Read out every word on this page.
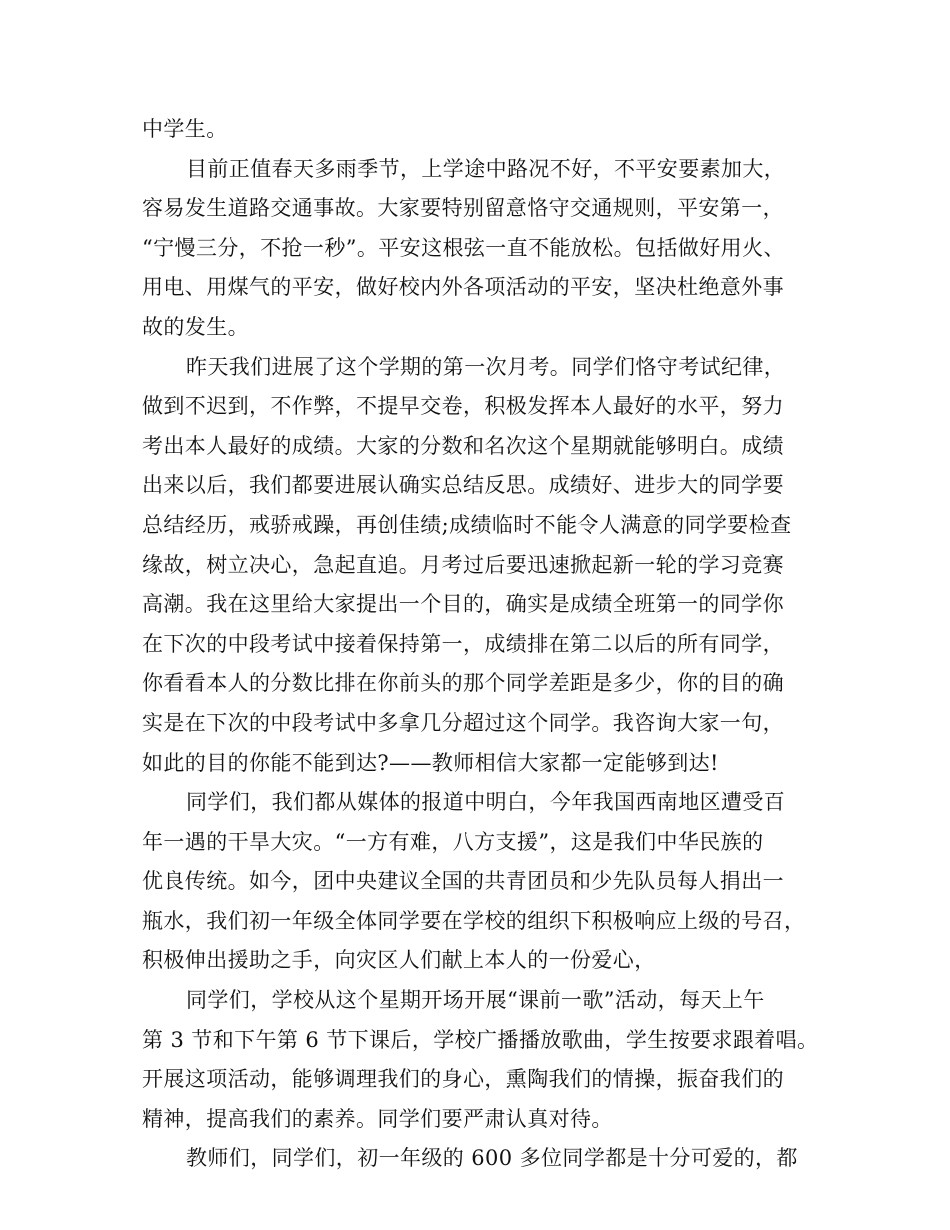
中学生。
目前正值春天多雨季节，上学途中路况不好，不平安要素加大，
容易发生道路交通事故。大家要特别留意恪守交通规则，平安第一，
“宁慢三分，不抢一秒”。平安这根弦一直不能放松。包括做好用火、
用电、用煤气的平安，做好校内外各项活动的平安，坚决杜绝意外事
故的发生。
昨天我们进展了这个学期的第一次月考。同学们恪守考试纪律，
做到不迟到，不作弊，不提早交卷，积极发挥本人最好的水平，努力
考出本人最好的成绩。大家的分数和名次这个星期就能够明白。成绩
出来以后，我们都要进展认确实总结反思。成绩好、进步大的同学要
总结经历，戒骄戒躁，再创佳绩;成绩临时不能令人满意的同学要检查
缘故，树立决心，急起直追。月考过后要迅速掀起新一轮的学习竞赛
高潮。我在这里给大家提出一个目的，确实是成绩全班第一的同学你
在下次的中段考试中接着保持第一，成绩排在第二以后的所有同学，
你看看本人的分数比排在你前头的那个同学差距是多少，你的目的确
实是在下次的中段考试中多拿几分超过这个同学。我咨询大家一句，
如此的目的你能不能到达?——教师相信大家都一定能够到达!
同学们，我们都从媒体的报道中明白，今年我国西南地区遭受百
年一遇的干旱大灾。“一方有难，八方支援”，这是我们中华民族的
优良传统。如今，团中央建议全国的共青团员和少先队员每人捐出一
瓶水，我们初一年级全体同学要在学校的组织下积极响应上级的号召，
积极伸出援助之手，向灾区人们献上本人的一份爱心，
同学们，学校从这个星期开场开展“课前一歌”活动，每天上午
第 3 节和下午第 6 节下课后，学校广播播放歌曲，学生按要求跟着唱。
开展这项活动，能够调理我们的身心，熏陶我们的情操，振奋我们的
精神，提高我们的素养。同学们要严肃认真对待。
教师们，同学们，初一年级的 600 多位同学都是十分可爱的，都
